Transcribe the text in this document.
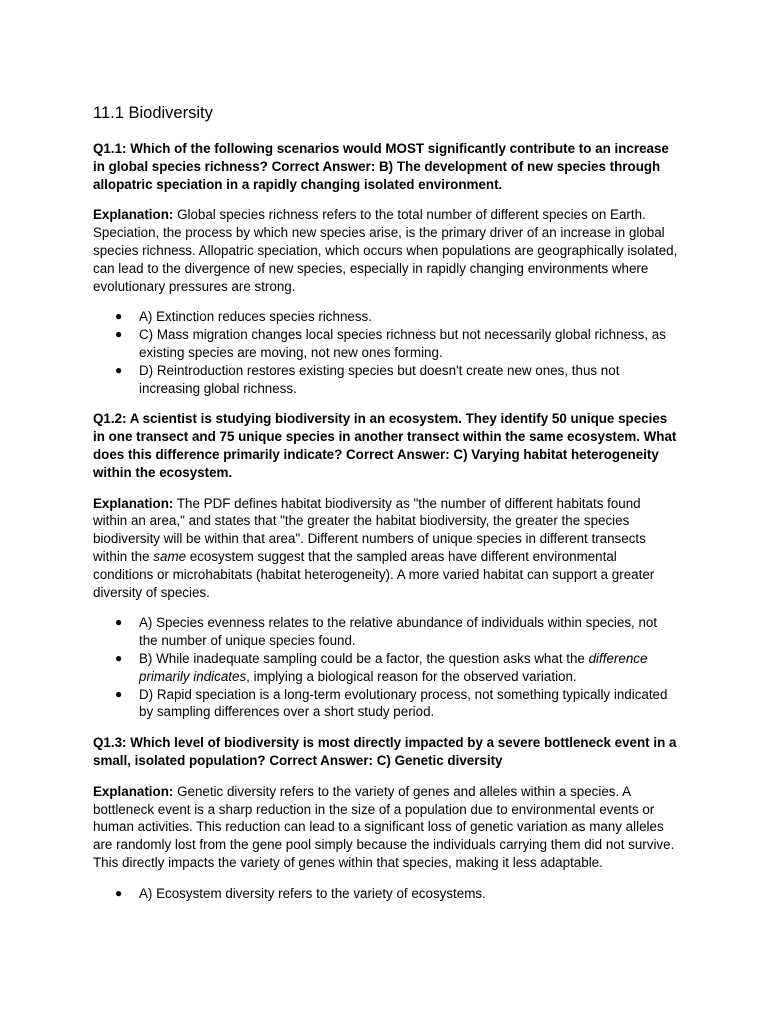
11.1 Biodiversity

Q1.1: Which of the following scenarios would MOST significantly contribute to an increase in global species richness? Correct Answer: B) The development of new species through allopatric speciation in a rapidly changing isolated environment.

Explanation: Global species richness refers to the total number of different species on Earth. Speciation, the process by which new species arise, is the primary driver of an increase in global species richness. Allopatric speciation, which occurs when populations are geographically isolated, can lead to the divergence of new species, especially in rapidly changing environments where evolutionary pressures are strong.

● A) Extinction reduces species richness.
● C) Mass migration changes local species richness but not necessarily global richness, as existing species are moving, not new ones forming.
● D) Reintroduction restores existing species but doesn't create new ones, thus not increasing global richness.

Q1.2: A scientist is studying biodiversity in an ecosystem. They identify 50 unique species in one transect and 75 unique species in another transect within the same ecosystem. What does this difference primarily indicate? Correct Answer: C) Varying habitat heterogeneity within the ecosystem.

Explanation: The PDF defines habitat biodiversity as "the number of different habitats found within an area," and states that "the greater the habitat biodiversity, the greater the species biodiversity will be within that area". Different numbers of unique species in different transects within the same ecosystem suggest that the sampled areas have different environmental conditions or microhabitats (habitat heterogeneity). A more varied habitat can support a greater diversity of species.

● A) Species evenness relates to the relative abundance of individuals within species, not the number of unique species found.
● B) While inadequate sampling could be a factor, the question asks what the difference primarily indicates, implying a biological reason for the observed variation.
● D) Rapid speciation is a long-term evolutionary process, not something typically indicated by sampling differences over a short study period.

Q1.3: Which level of biodiversity is most directly impacted by a severe bottleneck event in a small, isolated population? Correct Answer: C) Genetic diversity

Explanation: Genetic diversity refers to the variety of genes and alleles within a species. A bottleneck event is a sharp reduction in the size of a population due to environmental events or human activities. This reduction can lead to a significant loss of genetic variation as many alleles are randomly lost from the gene pool simply because the individuals carrying them did not survive. This directly impacts the variety of genes within that species, making it less adaptable.

● A) Ecosystem diversity refers to the variety of ecosystems.
